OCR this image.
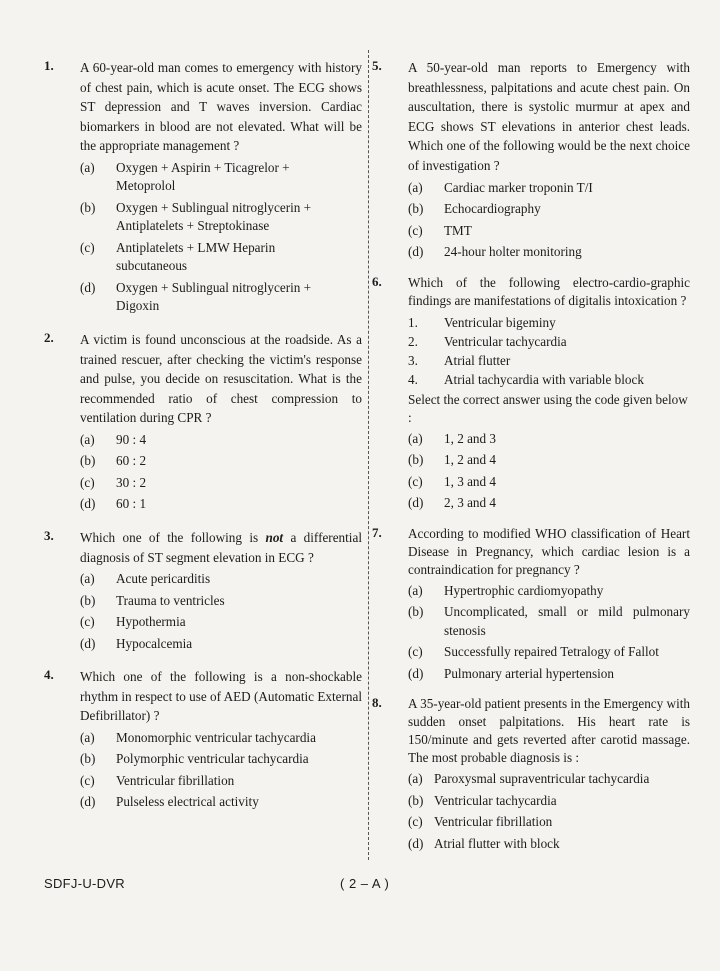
1. A 60-year-old man comes to emergency with history of chest pain, which is acute onset. The ECG shows ST depression and T waves inversion. Cardiac biomarkers in blood are not elevated. What will be the appropriate management ?
(a)	Oxygen + Aspirin + Ticagrelor + Metoprolol
(b)	Oxygen + Sublingual nitroglycerin + Antiplatelets + Streptokinase
(c)	Antiplatelets + LMW Heparin subcutaneous
(d)	Oxygen + Sublingual nitroglycerin + Digoxin
2. A victim is found unconscious at the roadside. As a trained rescuer, after checking the victim's response and pulse, you decide on resuscitation. What is the recommended ratio of chest compression to ventilation during CPR ?
(a)	90 : 4
(b)	60 : 2
(c)	30 : 2
(d)	60 : 1
3. Which one of the following is not a differential diagnosis of ST segment elevation in ECG ?
(a)	Acute pericarditis
(b)	Trauma to ventricles
(c)	Hypothermia
(d)	Hypocalcemia
4. Which one of the following is a non-shockable rhythm in respect to use of AED (Automatic External Defibrillator) ?
(a)	Monomorphic ventricular tachycardia
(b)	Polymorphic ventricular tachycardia
(c)	Ventricular fibrillation
(d)	Pulseless electrical activity
5. A 50-year-old man reports to Emergency with breathlessness, palpitations and acute chest pain. On auscultation, there is systolic murmur at apex and ECG shows ST elevations in anterior chest leads. Which one of the following would be the next choice of investigation ?
(a)	Cardiac marker troponin T/I
(b)	Echocardiography
(c)	TMT
(d)	24-hour holter monitoring
6. Which of the following electro-cardio-graphic findings are manifestations of digitalis intoxication ?
1.	Ventricular bigeminy
2.	Ventricular tachycardia
3.	Atrial flutter
4.	Atrial tachycardia with variable block
Select the correct answer using the code given below :
(a)	1, 2 and 3
(b)	1, 2 and 4
(c)	1, 3 and 4
(d)	2, 3 and 4
7. According to modified WHO classification of Heart Disease in Pregnancy, which cardiac lesion is a contraindication for pregnancy ?
(a)	Hypertrophic cardiomyopathy
(b)	Uncomplicated, small or mild pulmonary stenosis
(c)	Successfully repaired Tetralogy of Fallot
(d)	Pulmonary arterial hypertension
8. A 35-year-old patient presents in the Emergency with sudden onset palpitations. His heart rate is 150/minute and gets reverted after carotid massage. The most probable diagnosis is :
(a) Paroxysmal supraventricular tachycardia
(b) Ventricular tachycardia
(c) Ventricular fibrillation
(d) Atrial flutter with block
SDFJ-U-DVR	( 2 – A )
